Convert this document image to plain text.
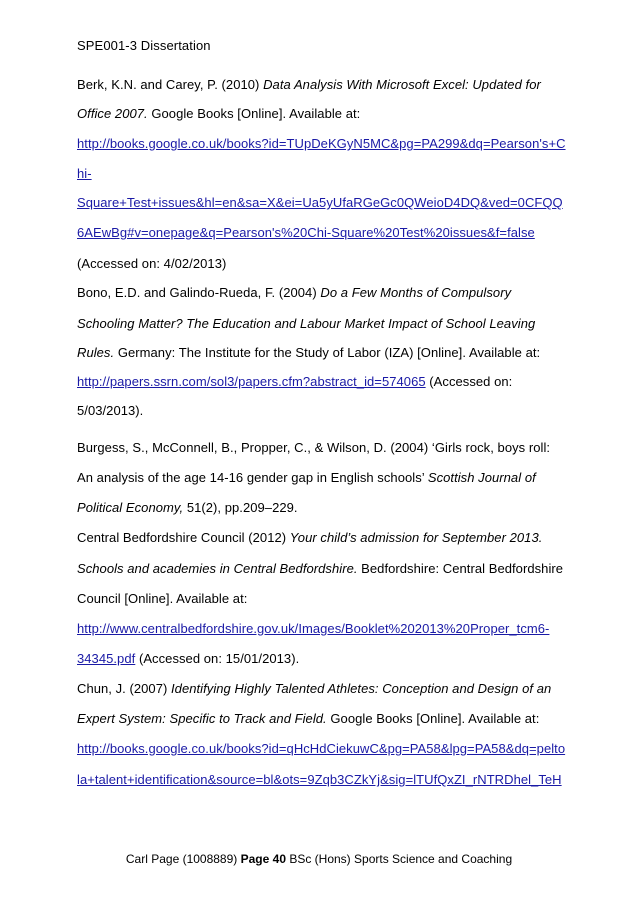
SPE001-3 Dissertation
Berk, K.N. and Carey, P. (2010) Data Analysis With Microsoft Excel: Updated for
Office 2007. Google Books [Online]. Available at:
http://books.google.co.uk/books?id=TUpDeKGyN5MC&pg=PA299&dq=Pearson's+C
hi-
Square+Test+issues&hl=en&sa=X&ei=Ua5yUfaRGeGc0QWeioD4DQ&ved=0CFQQ
6AEwBg#v=onepage&q=Pearson's%20Chi-Square%20Test%20issues&f=false
(Accessed on: 4/02/2013)
Bono, E.D. and Galindo-Rueda, F. (2004) Do a Few Months of Compulsory
Schooling Matter? The Education and Labour Market Impact of School Leaving
Rules. Germany: The Institute for the Study of Labor (IZA) [Online]. Available at:
http://papers.ssrn.com/sol3/papers.cfm?abstract_id=574065 (Accessed on:
5/03/2013).
Burgess, S., McConnell, B., Propper, C., & Wilson, D. (2004) ‘Girls rock, boys roll:
An analysis of the age 14-16 gender gap in English schools’ Scottish Journal of
Political Economy, 51(2), pp.209–229.
Central Bedfordshire Council (2012) Your child’s admission for September 2013.
Schools and academies in Central Bedfordshire. Bedfordshire: Central Bedfordshire
Council [Online]. Available at:
http://www.centralbedfordshire.gov.uk/Images/Booklet%202013%20Proper_tcm6-
34345.pdf (Accessed on: 15/01/2013).
Chun, J. (2007) Identifying Highly Talented Athletes: Conception and Design of an
Expert System: Specific to Track and Field. Google Books [Online]. Available at:
http://books.google.co.uk/books?id=qHcHdCiekuwC&pg=PA58&lpg=PA58&dq=pelto
la+talent+identification&source=bl&ots=9Zqb3CZkYj&sig=lTUfQxZI_rNTRDhel_TeH
Carl Page (1008889) Page 40 BSc (Hons) Sports Science and Coaching
